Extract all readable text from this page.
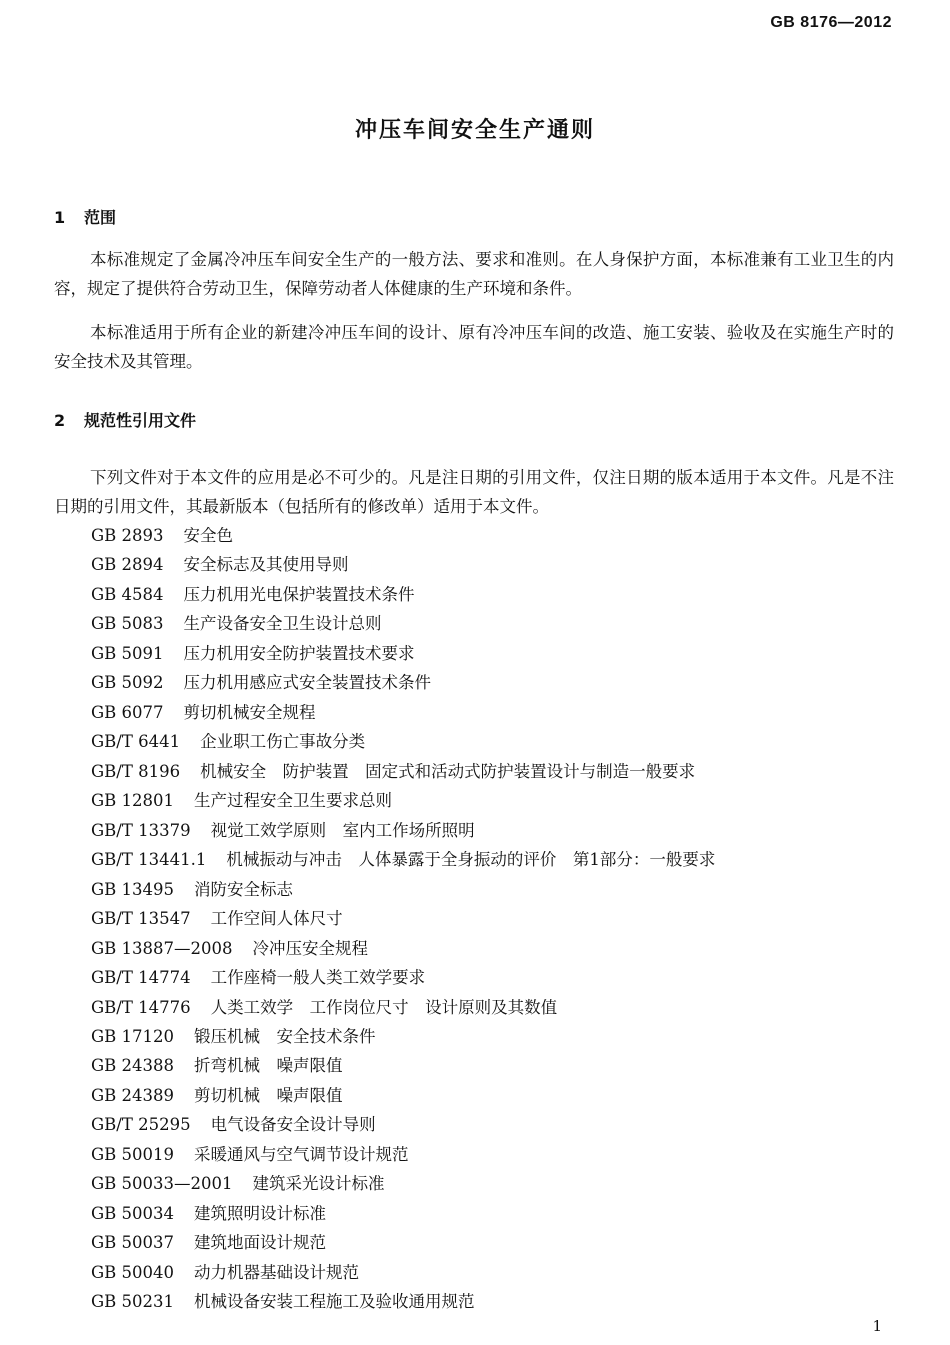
GB 8176—2012
冲压车间安全生产通则
1 范围

本标准规定了金属冷冲压车间安全生产的一般方法、要求和准则。在人身保护方面，本标准兼有工业卫生的内容，规定了提供符合劳动卫生，保障劳动者人体健康的生产环境和条件。

本标准适用于所有企业的新建冷冲压车间的设计、原有冷冲压车间的改造、施工安装、验收及在实施生产时的安全技术及其管理。

2 规范性引用文件

下列文件对于本文件的应用是必不可少的。凡是注日期的引用文件，仅注日期的版本适用于本文件。凡是不注日期的引用文件，其最新版本（包括所有的修改单）适用于本文件。

GB 2893 安全色
GB 2894 安全标志及其使用导则
GB 4584 压力机用光电保护装置技术条件
GB 5083 生产设备安全卫生设计总则
GB 5091 压力机用安全防护装置技术要求
GB 5092 压力机用感应式安全装置技术条件
GB 6077 剪切机械安全规程
GB/T 6441 企业职工伤亡事故分类
GB/T 8196 机械安全　防护装置　固定式和活动式防护装置设计与制造一般要求
GB 12801 生产过程安全卫生要求总则
GB/T 13379 视觉工效学原则　室内工作场所照明
GB/T 13441.1 机械振动与冲击　人体暴露于全身振动的评价　第1部分：一般要求
GB 13495 消防安全标志
GB/T 13547 工作空间人体尺寸
GB 13887—2008 冷冲压安全规程
GB/T 14774 工作座椅一般人类工效学要求
GB/T 14776 人类工效学　工作岗位尺寸　设计原则及其数值
GB 17120 锻压机械　安全技术条件
GB 24388 折弯机械　噪声限值
GB 24389 剪切机械　噪声限值
GB/T 25295 电气设备安全设计导则
GB 50019 采暖通风与空气调节设计规范
GB 50033—2001 建筑采光设计标准
GB 50034 建筑照明设计标准
GB 50037 建筑地面设计规范
GB 50040 动力机器基础设计规范
GB 50231 机械设备安装工程施工及验收通用规范
1
